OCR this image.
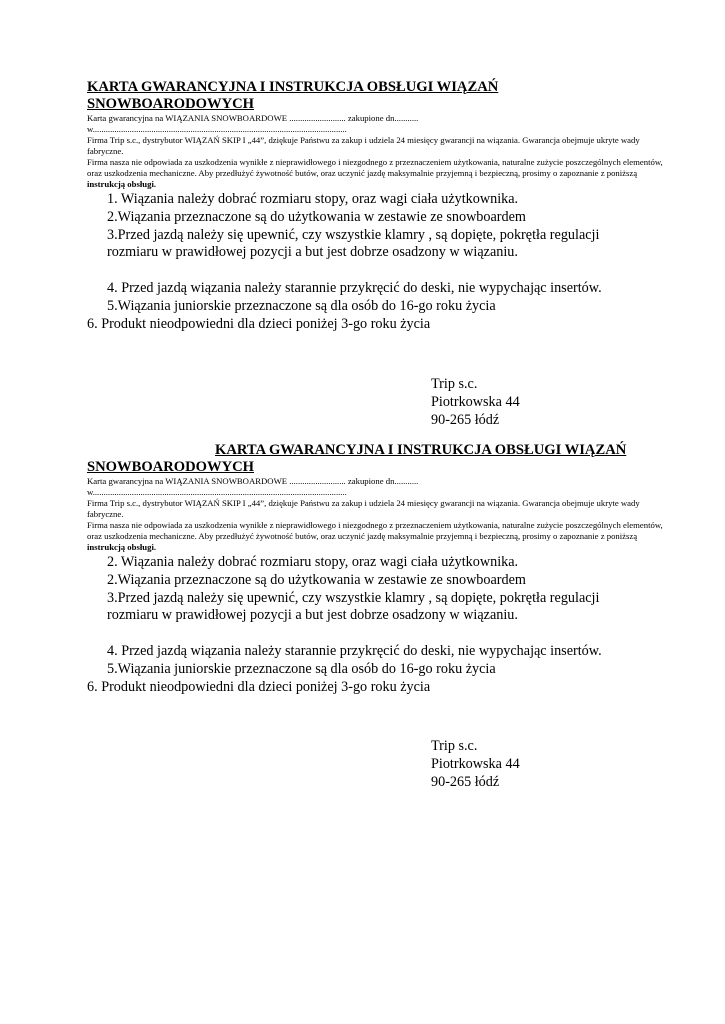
KARTA GWARANCYJNA I INSTRUKCJA OBSŁUGI WIĄZAŃ
SNOWBOARODOWYCH

Karta gwarancyjna na WIĄZANIA SNOWBOARDOWE .......................... zakupione dn...........

w.....................................................................................................................

Firma Trip s.c., dystrybutor WIĄZAŃ SKIP I „44”, dziękuje Państwu za zakup i udziela 24 miesięcy gwarancji na wiązania. Gwarancja obejmuje ukryte wady fabryczne.

Firma nasza nie odpowiada za uszkodzenia wynikłe z nieprawidłowego i niezgodnego z przeznaczeniem użytkowania, naturalne zużycie poszczególnych elementów, oraz uszkodzenia mechaniczne. Aby przedłużyć żywotność butów, oraz uczynić jazdę maksymalnie przyjemną i bezpieczną, prosimy o zapoznanie z poniższą instrukcją obsługi.

1. Wiązania należy dobrać rozmiaru stopy, oraz wagi ciała użytkownika.

2.Wiązania przeznaczone są do użytkowania w zestawie ze snowboardem

3.Przed jazdą należy się upewnić, czy wszystkie klamry , są dopięte, pokrętła regulacji

rozmiaru w prawidłowej pozycji a but jest dobrze osadzony w wiązaniu.

4. Przed jazdą wiązania należy starannie przykręcić do deski, nie wypychając insertów.

5.Wiązania juniorskie przeznaczone są dla osób do 16-go roku życia

6. Produkt nieodpowiedni dla dzieci poniżej 3-go roku życia

Trip s.c.

Piotrkowska 44

90-265 łódź

KARTA GWARANCYJNA I INSTRUKCJA OBSŁUGI WIĄZAŃ
SNOWBOARODOWYCH

Karta gwarancyjna na WIĄZANIA SNOWBOARDOWE .......................... zakupione dn...........

w.....................................................................................................................

Firma Trip s.c., dystrybutor WIĄZAŃ SKIP I „44”, dziękuje Państwu za zakup i udziela 24 miesięcy gwarancji na wiązania. Gwarancja obejmuje ukryte wady fabryczne.

Firma nasza nie odpowiada za uszkodzenia wynikłe z nieprawidłowego i niezgodnego z przeznaczeniem użytkowania, naturalne zużycie poszczególnych elementów, oraz uszkodzenia mechaniczne. Aby przedłużyć żywotność butów, oraz uczynić jazdę maksymalnie przyjemną i bezpieczną, prosimy o zapoznanie z poniższą instrukcją obsługi.

2. Wiązania należy dobrać rozmiaru stopy, oraz wagi ciała użytkownika.

2.Wiązania przeznaczone są do użytkowania w zestawie ze snowboardem

3.Przed jazdą należy się upewnić, czy wszystkie klamry , są dopięte, pokrętła regulacji

rozmiaru w prawidłowej pozycji a but jest dobrze osadzony w wiązaniu.

4. Przed jazdą wiązania należy starannie przykręcić do deski, nie wypychając insertów.

5.Wiązania juniorskie przeznaczone są dla osób do 16-go roku życia

6. Produkt nieodpowiedni dla dzieci poniżej 3-go roku życia

Trip s.c.

Piotrkowska 44

90-265 łódź
